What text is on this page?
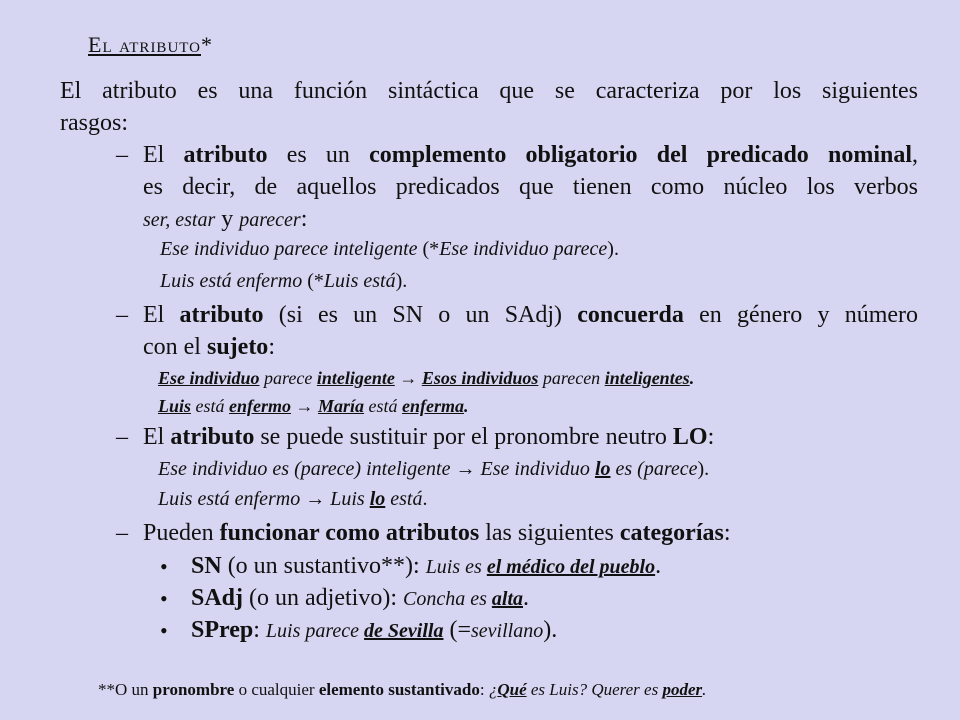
El atributo*
El atributo es una función sintáctica que se caracteriza por los siguientes
rasgos:
– El atributo es un complemento obligatorio del predicado nominal,
es decir, de aquellos predicados que tienen como núcleo los verbos
ser, estar y parecer:
Ese individuo parece inteligente (*Ese individuo parece).
Luis está enfermo (*Luis está).
– El atributo (si es un SN o un SAdj) concuerda en género y número
con el sujeto:
Ese individuo parece inteligente → Esos individuos parecen inteligentes.
Luis está enfermo → María está enferma.
– El atributo se puede sustituir por el pronombre neutro LO:
Ese individuo es (parece) inteligente → Ese individuo lo es (parece).
Luis está enfermo → Luis lo está.
– Pueden funcionar como atributos las siguientes categorías:
• SN (o un sustantivo**): Luis es el médico del pueblo.
• SAdj (o un adjetivo): Concha es alta.
• SPrep: Luis parece de Sevilla (=sevillano).
**O un pronombre o cualquier elemento sustantivado: ¿Qué es Luis? Querer es poder.
